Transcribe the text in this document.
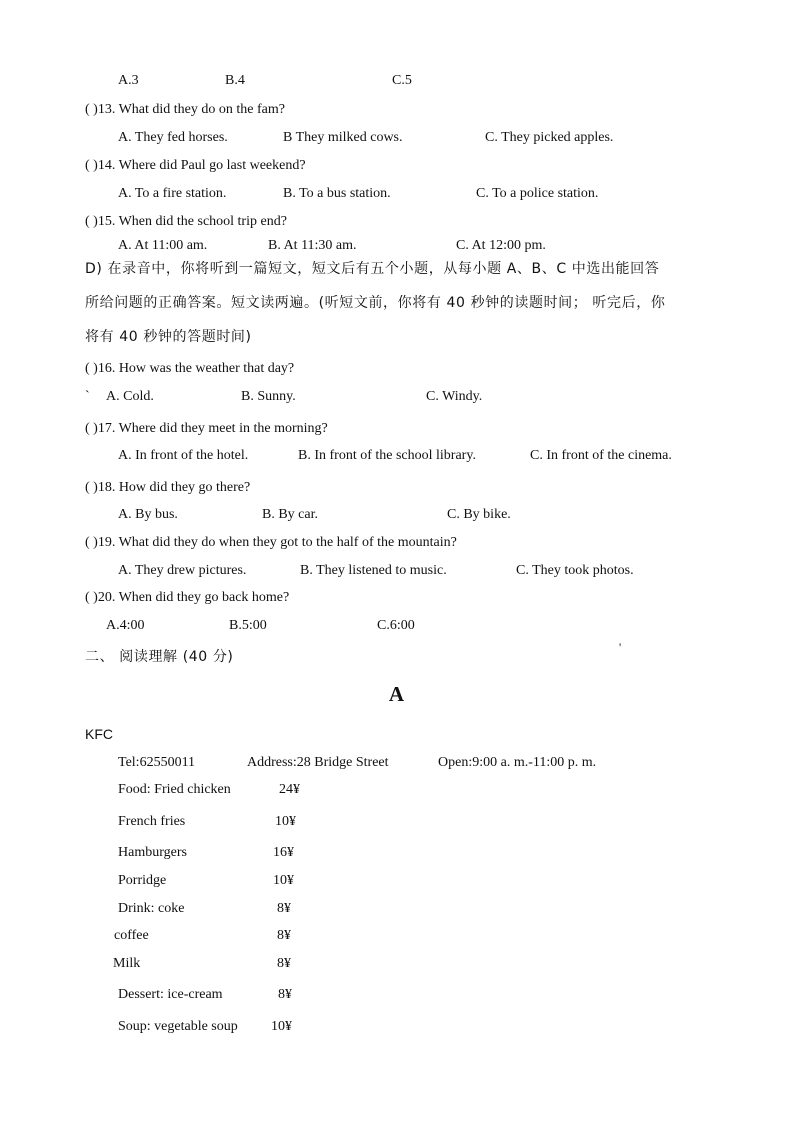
A.3	B.4	C.5
( )13. What did they do on the fam?
A. They fed horses.	B They milked cows.	C. They picked apples.
( )14. Where did Paul go last weekend?
A. To a fire station.	B. To a bus station.	C. To a police station.
( )15. When did the school trip end?
A. At 11:00 am.	B. At 11:30 am.	C. At 12:00 pm.
D) 在录音中，你将听到一篇短文，短文后有五个小题，从每小题 A、B、C 中选出能回答
所给问题的正确答案。短文读两遍。(听短文前，你将有 40 秒钟的读题时间； 听完后，你
将有 40 秒钟的答题时间)
( )16. How was the weather that day?
` A. Cold.	B. Sunny.	C. Windy.
( )17. Where did they meet in the morning?
A. In front of the hotel.	B. In front of the school library.	C. In front of the cinema.
( )18. How did they go there?
A. By bus.	B. By car.	C. By bike.
( )19. What did they do when they got to the half of the mountain?
A. They drew pictures.	B. They listened to music.	C. They took photos.
( )20. When did they go back home?
A.4:00	B.5:00	C.6:00
二、 阅读理解 (40 分)
'
A
KFC
Tel:62550011	Address:28 Bridge Street	Open:9:00 a. m.-11:00 p. m.
Food: Fried chicken	24¥
French fries	10¥
Hamburgers	16¥
Porridge	10¥
Drink: coke	8¥
coffee	8¥
Milk	8¥
Dessert: ice-cream	8¥
Soup: vegetable soup 10¥
